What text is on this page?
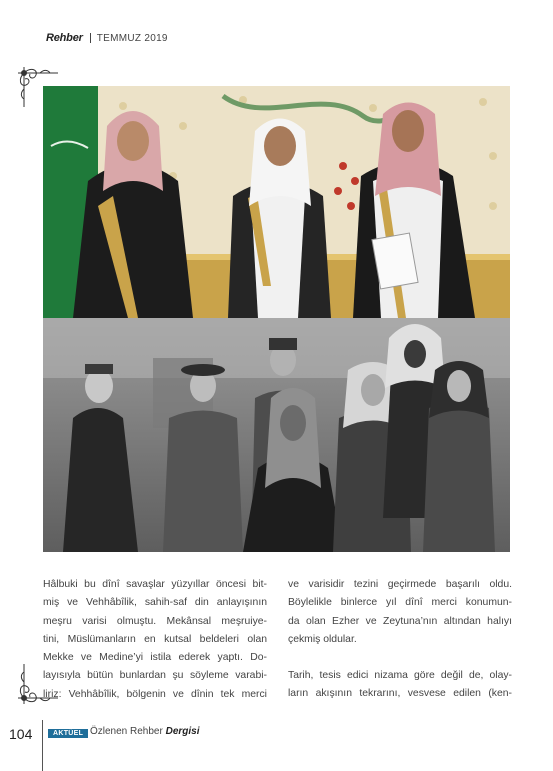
Rehber TEMMUZ 2019

Hâlbuki bu dînî savaşlar yüzyıllar öncesi bit-
miş ve Vehhâbîlik, sahih-saf din anlayışının
meşru varisi olmuştu. Mekânsal meşruiye-
tini, Müslümanların en kutsal beldeleri olan
Mekke ve Medine’yi istila ederek yaptı. Do-
layısıyla bütün bunlardan şu söyleme varabi-
liriz: Vehhâbîlik, bölgenin ve dînin tek merci

ve varisidir tezini geçirmede başarılı oldu.
Böylelikle binlerce yıl dînî merci konumun-
da olan Ezher ve Zeytuna’nın altından halıyı
çekmiş oldular.

Tarih, tesis edici nizama göre değil de, olay-
ların akışının tekrarını, vesvese edilen (ken-

104	AKTÜEL Özlenen Rehber Dergisi
